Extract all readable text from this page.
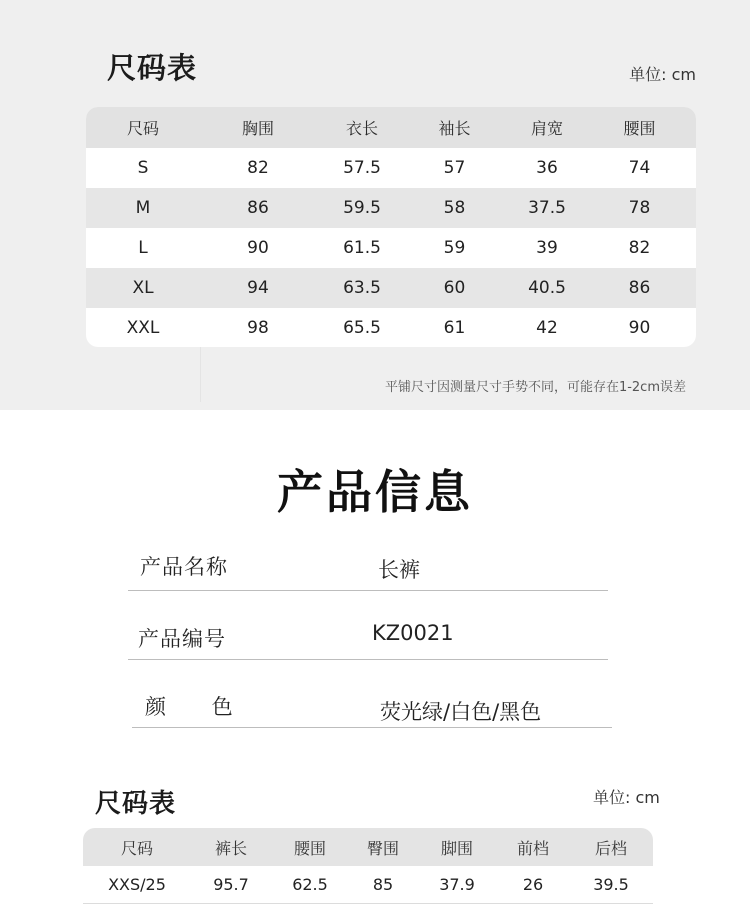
尺码表	单位: cm
尺码	胸围	衣长	袖长	肩宽	腰围
S	82	57.5	57	36	74
M	86	59.5	58	37.5	78
L	90	61.5	59	39	82
XL	94	63.5	60	40.5	86
XXL	98	65.5	61	42	90
平铺尺寸因测量尺寸手势不同，可能存在1-2cm误差
产品信息
产品名称	长裤
产品编号	KZ0021
颜　 色	荧光绿/白色/黑色
尺码表	单位: cm
尺码	裤长	腰围	臀围	脚围	前档	后档
XXS/25	95.7	62.5	85	37.9	26	39.5
